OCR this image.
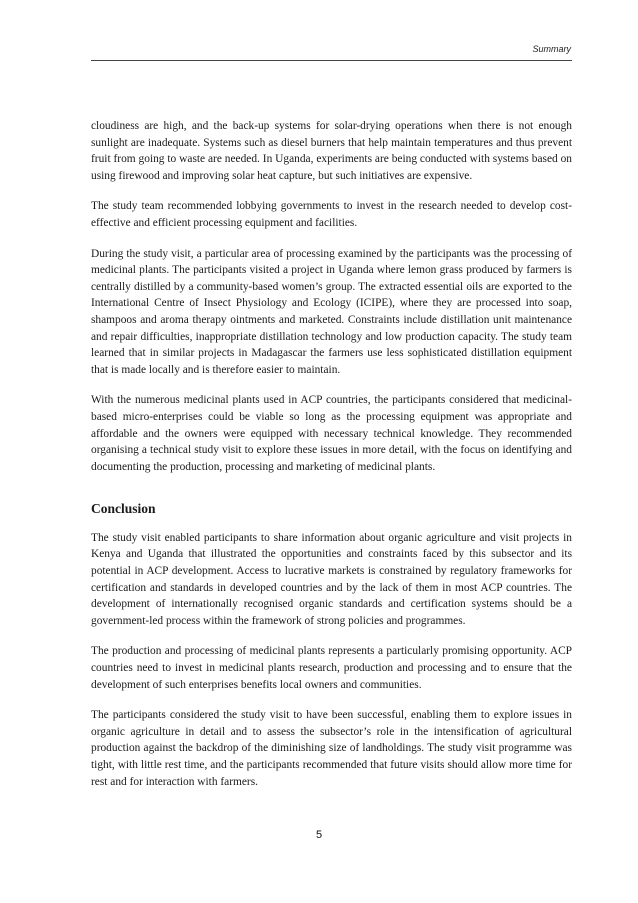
Summary

cloudiness are high, and the back-up systems for solar-drying operations when there is not enough sunlight are inadequate. Systems such as diesel burners that help maintain temperatures and thus prevent fruit from going to waste are needed. In Uganda, experiments are being conducted with systems based on using firewood and improving solar heat capture, but such initiatives are expensive.

The study team recommended lobbying governments to invest in the research needed to develop cost-effective and efficient processing equipment and facilities.

During the study visit, a particular area of processing examined by the participants was the processing of medicinal plants. The participants visited a project in Uganda where lemon grass produced by farmers is centrally distilled by a community-based women’s group. The extracted essential oils are exported to the International Centre of Insect Physiology and Ecology (ICIPE), where they are processed into soap, shampoos and aroma therapy ointments and marketed. Constraints include distillation unit maintenance and repair difficulties, inappropriate distillation technology and low production capacity. The study team learned that in similar projects in Madagascar the farmers use less sophisticated distillation equipment that is made locally and is therefore easier to maintain.

With the numerous medicinal plants used in ACP countries, the participants considered that medicinal-based micro-enterprises could be viable so long as the processing equipment was appropriate and affordable and the owners were equipped with necessary technical knowledge. They recommended organising a technical study visit to explore these issues in more detail, with the focus on identifying and documenting the production, processing and marketing of medicinal plants.

Conclusion

The study visit enabled participants to share information about organic agriculture and visit projects in Kenya and Uganda that illustrated the opportunities and constraints faced by this subsector and its potential in ACP development. Access to lucrative markets is constrained by regulatory frameworks for certification and standards in developed countries and by the lack of them in most ACP countries. The development of internationally recognised organic standards and certification systems should be a government-led process within the framework of strong policies and programmes.

The production and processing of medicinal plants represents a particularly promising opportunity. ACP countries need to invest in medicinal plants research, production and processing and to ensure that the development of such enterprises benefits local owners and communities.

The participants considered the study visit to have been successful, enabling them to explore issues in organic agriculture in detail and to assess the subsector’s role in the intensification of agricultural production against the backdrop of the diminishing size of landholdings. The study visit programme was tight, with little rest time, and the participants recommended that future visits should allow more time for rest and for interaction with farmers.

5
